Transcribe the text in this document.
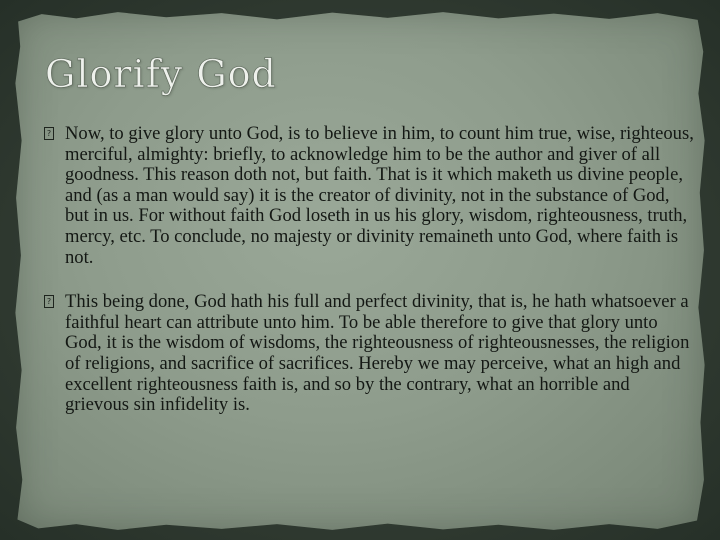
Glorify God

? Now, to give glory unto God, is to believe in him, to count him true, wise, righteous, merciful, almighty: briefly, to acknowledge him to be the author and giver of all goodness. This reason doth not, but faith. That is it which maketh us divine people, and (as a man would say) it is the creator of divinity, not in the substance of God, but in us. For without faith God loseth in us his glory, wisdom, righteousness, truth, mercy, etc. To conclude, no majesty or divinity remaineth unto God, where faith is not.

? This being done, God hath his full and perfect divinity, that is, he hath whatsoever a faithful heart can attribute unto him. To be able therefore to give that glory unto God, it is the wisdom of wisdoms, the righteousness of righteousnesses, the religion of religions, and sacrifice of sacrifices. Hereby we may perceive, what an high and excellent righteousness faith is, and so by the contrary, what an horrible and grievous sin infidelity is.
